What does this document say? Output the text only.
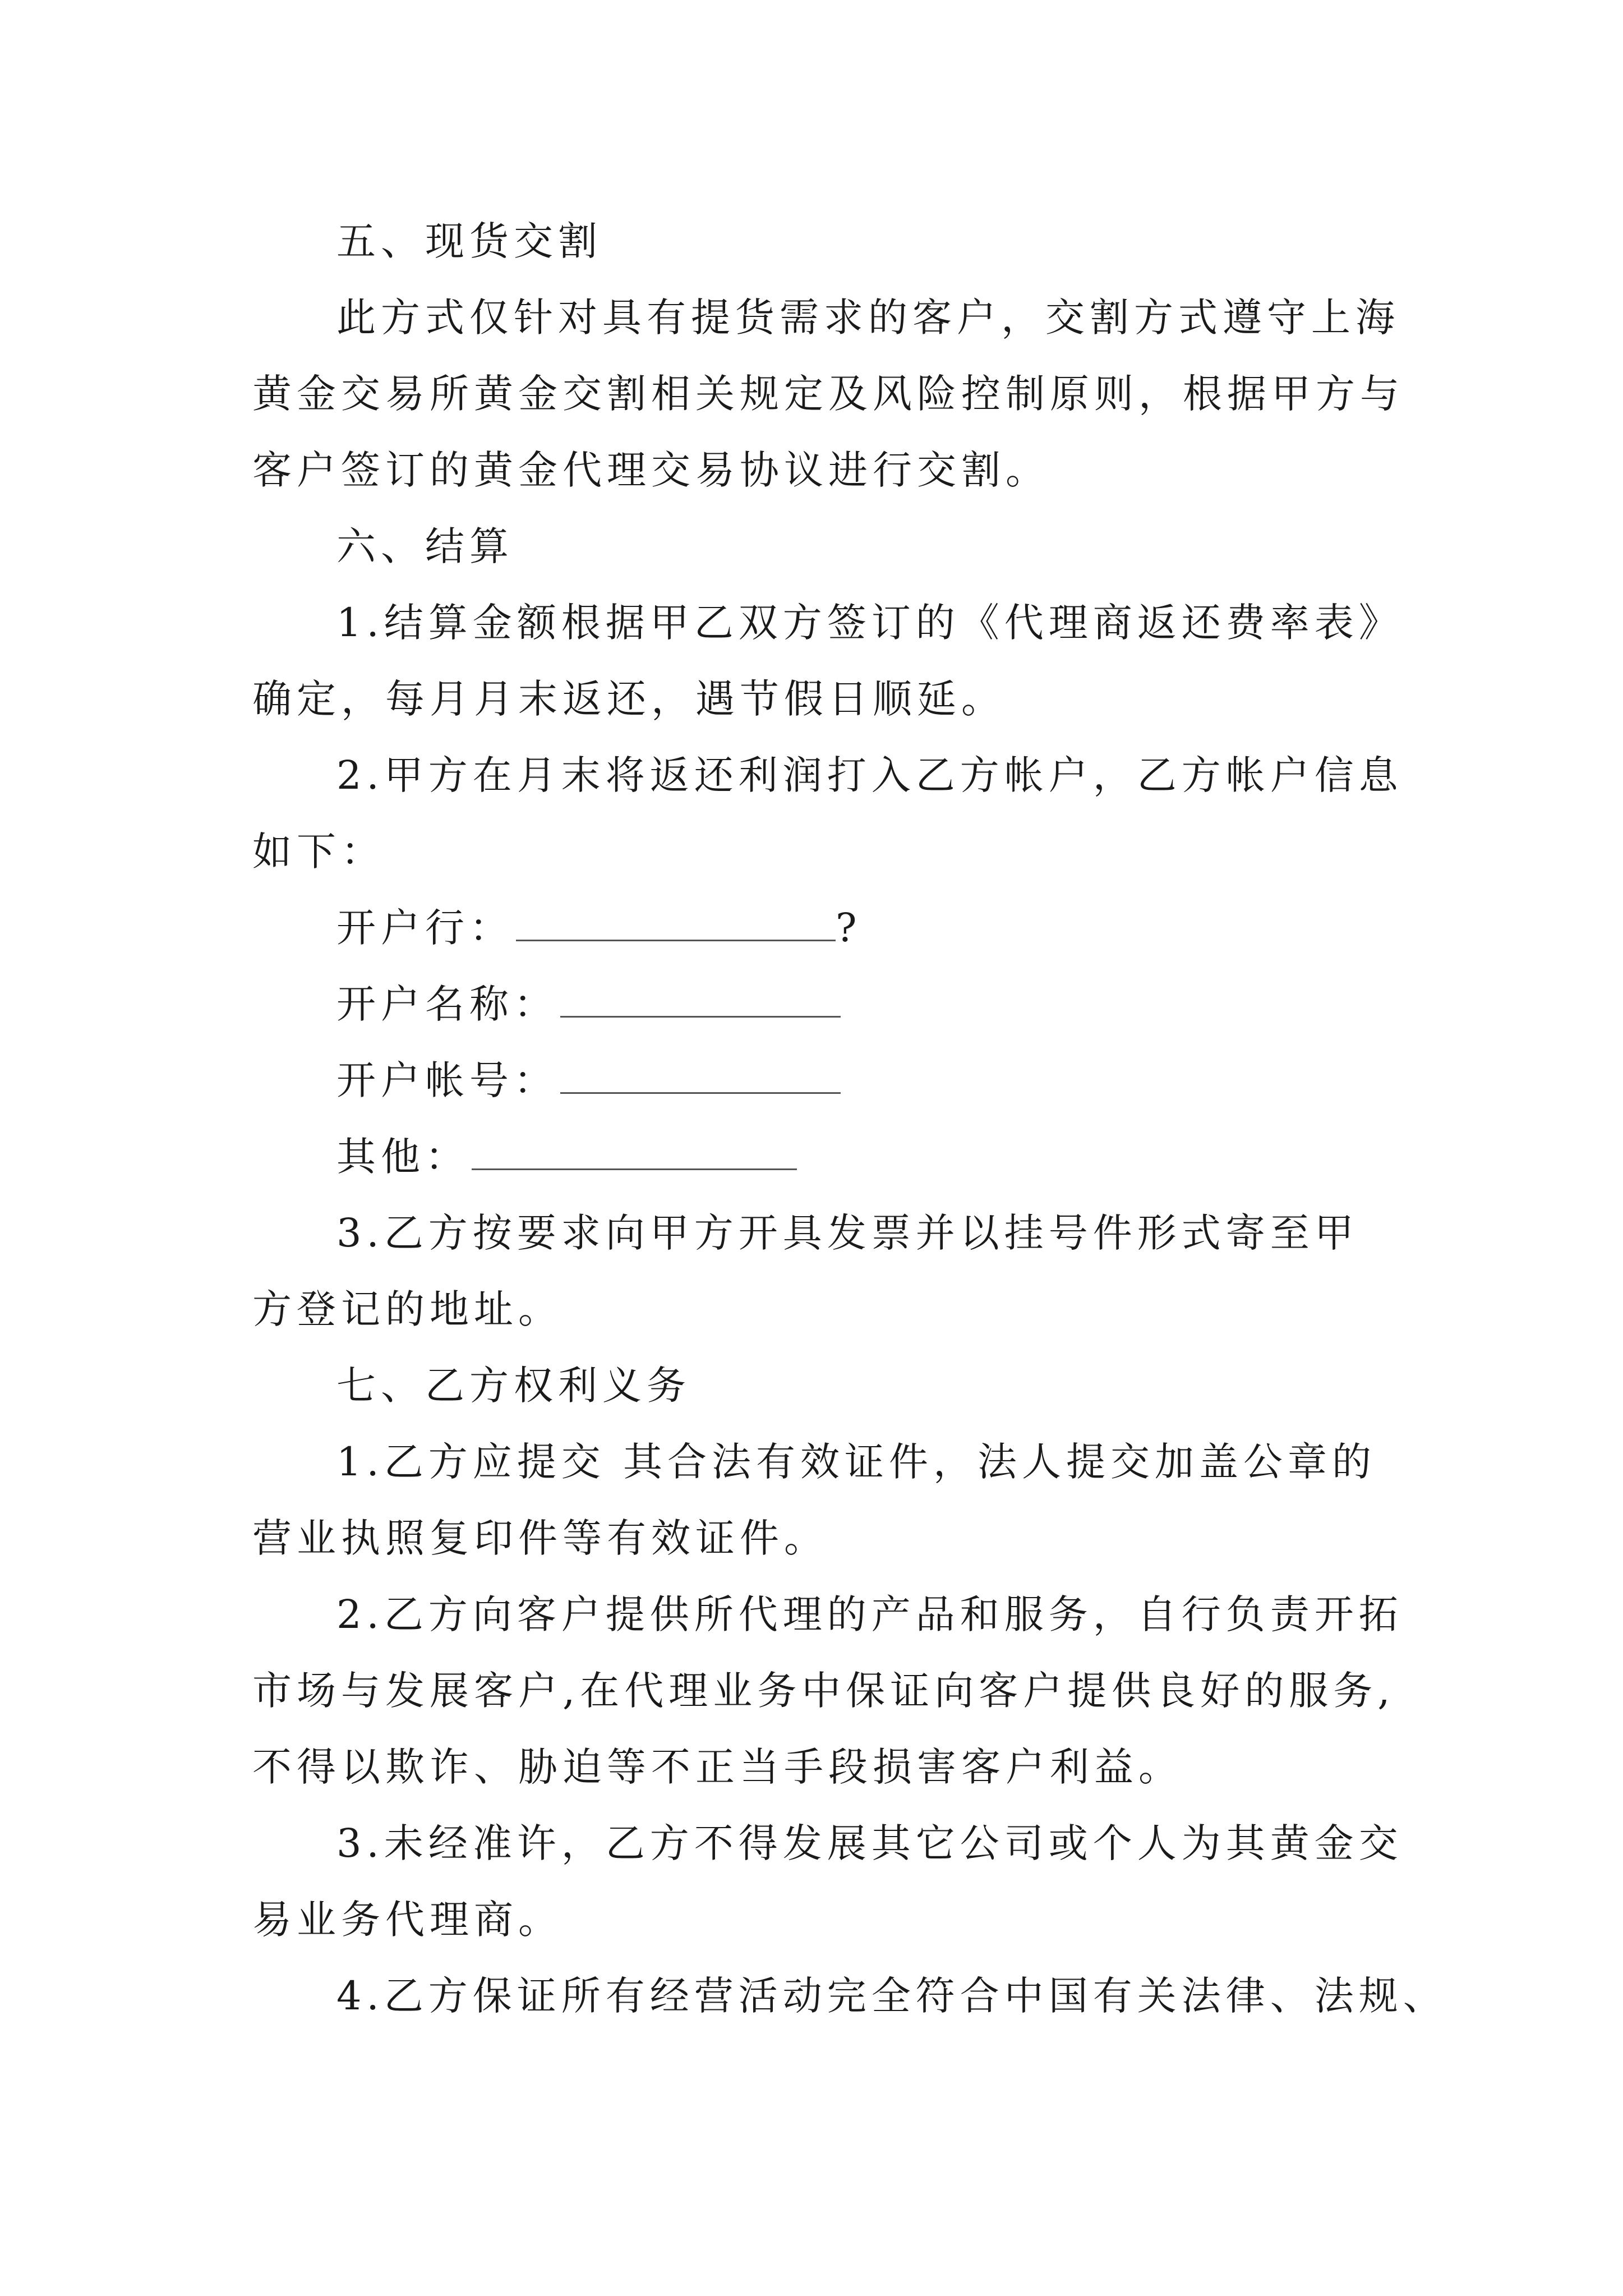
五、现货交割
此方式仅针对具有提货需求的客户，交割方式遵守上海
黄金交易所黄金交割相关规定及风险控制原则，根据甲方与
客户签订的黄金代理交易协议进行交割。
六、结算
1.结算金额根据甲乙双方签订的《代理商返还费率表》
确定，每月月末返还，遇节假日顺延。
2.甲方在月末将返还利润打入乙方帐户，乙方帐户信息
如下：
开户行：	?
开户名称：
开户帐号：
其他：
3.乙方按要求向甲方开具发票并以挂号件形式寄至甲
方登记的地址。
七、乙方权利义务
1.乙方应提交 其合法有效证件，法人提交加盖公章的
营业执照复印件等有效证件。
2.乙方向客户提供所代理的产品和服务，自行负责开拓
市场与发展客户,在代理业务中保证向客户提供良好的服务,
不得以欺诈、胁迫等不正当手段损害客户利益。
3.未经准许，乙方不得发展其它公司或个人为其黄金交
易业务代理商。
4.乙方保证所有经营活动完全符合中国有关法律、法规、
